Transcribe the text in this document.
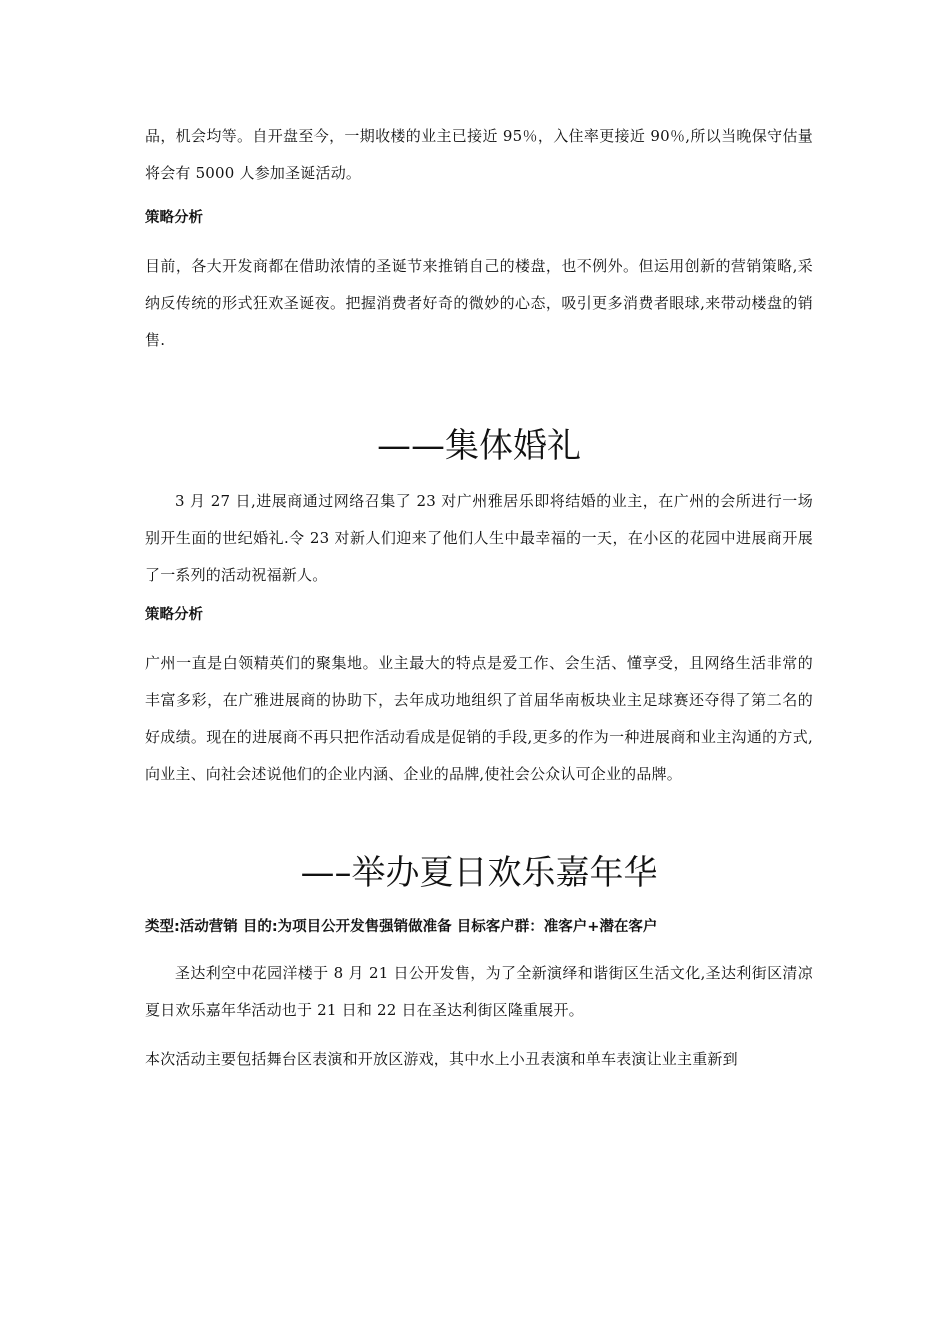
品，机会均等。自开盘至今，一期收楼的业主已接近 95％，入住率更接近 90％,所以当晚保守估量将会有 5000 人参加圣诞活动。

策略分析

目前，各大开发商都在借助浓情的圣诞节来推销自己的楼盘，也不例外。但运用创新的营销策略,采纳反传统的形式狂欢圣诞夜。把握消费者好奇的微妙的心态，吸引更多消费者眼球,来带动楼盘的销售.

——集体婚礼

3 月 27 日,进展商通过网络召集了 23 对广州雅居乐即将结婚的业主，在广州的会所进行一场别开生面的世纪婚礼.令 23 对新人们迎来了他们人生中最幸福的一天，在小区的花园中进展商开展了一系列的活动祝福新人。

策略分析

广州一直是白领精英们的聚集地。业主最大的特点是爱工作、会生活、懂享受，且网络生活非常的丰富多彩，在广雅进展商的协助下，去年成功地组织了首届华南板块业主足球赛还夺得了第二名的好成绩。现在的进展商不再只把作活动看成是促销的手段,更多的作为一种进展商和业主沟通的方式,向业主、向社会述说他们的企业内涵、企业的品牌,使社会公众认可企业的品牌。

—–举办夏日欢乐嘉年华

类型:活动营销 目的:为项目公开发售强销做准备 目标客户群：准客户+潜在客户

圣达利空中花园洋楼于 8 月 21 日公开发售，为了全新演绎和谐街区生活文化,圣达利街区清凉夏日欢乐嘉年华活动也于 21 日和 22 日在圣达利街区隆重展开。

本次活动主要包括舞台区表演和开放区游戏，其中水上小丑表演和单车表演让业主重新到
